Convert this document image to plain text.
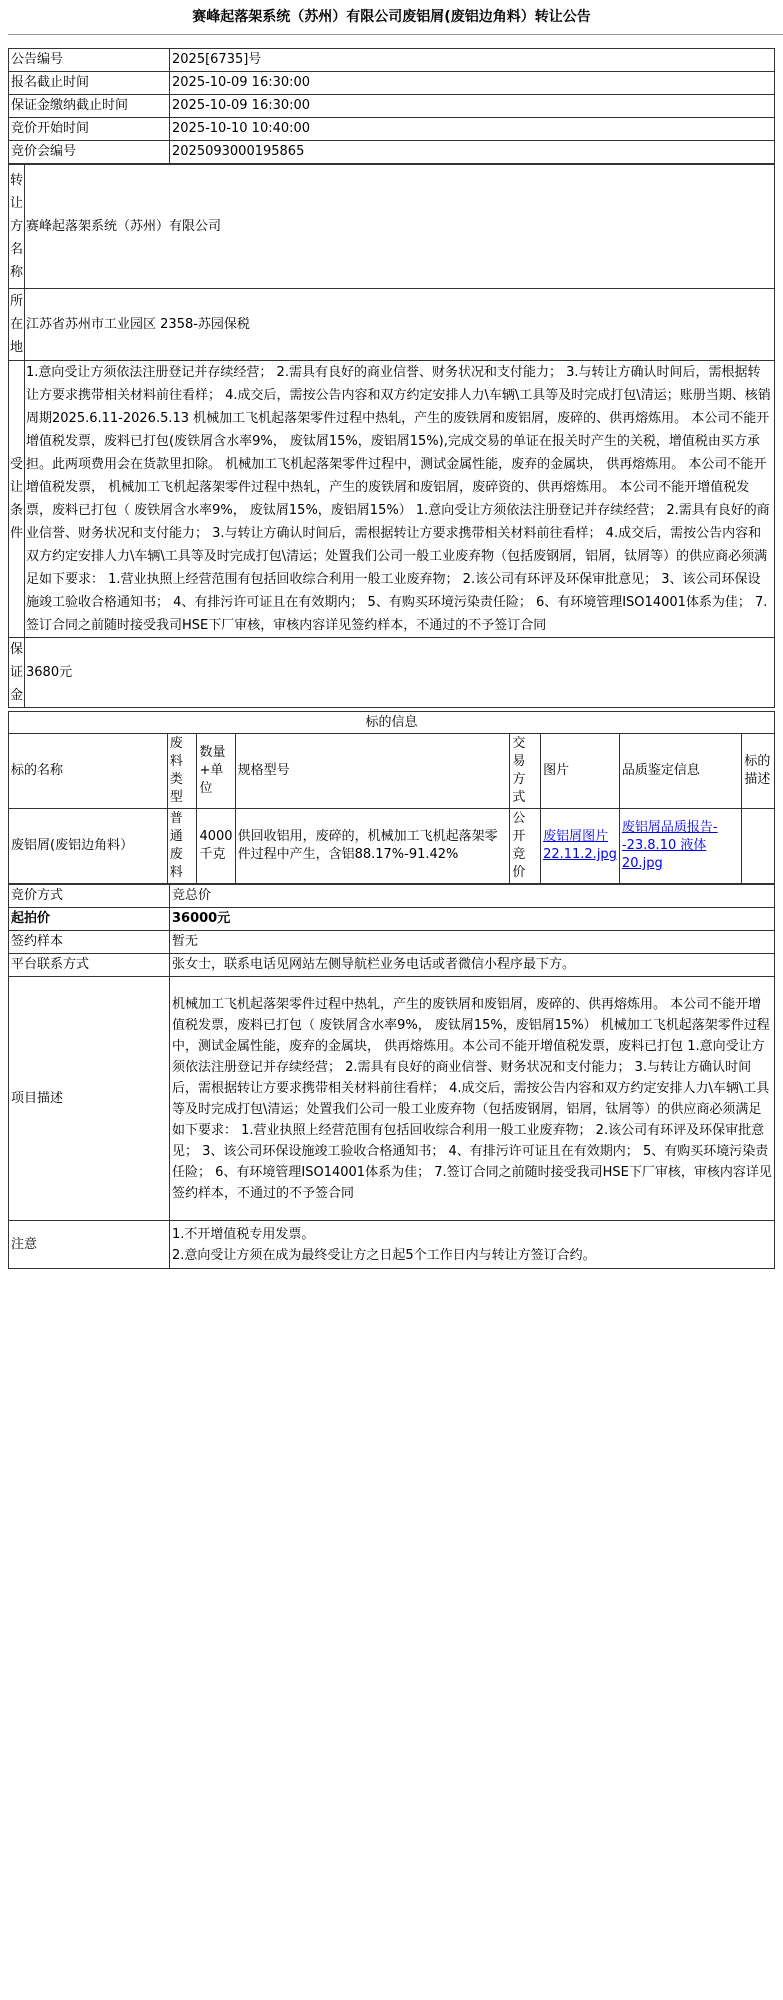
赛峰起落架系统（苏州）有限公司废铝屑(废铝边角料）转让公告
公告编号	2025[6735]号
报名截止时间	2025-10-09 16:30:00
保证金缴纳截止时间	2025-10-09 16:30:00
竞价开始时间	2025-10-10 10:40:00
竞价会编号	2025093000195865
转让方名称	赛峰起落架系统（苏州）有限公司
所在地	江苏省苏州市工业园区 2358-苏园保税
受让条件	1.意向受让方须依法注册登记并存续经营； 2.需具有良好的商业信誉、财务状况和支付能力； 3.与转让方确认时间后，需根据转让方要求携带相关材料前往看样； 4.成交后，需按公告内容和双方约定安排人力\车辆\工具等及时完成打包\清运；账册当期、核销周期2025.6.11-2026.5.13 机械加工飞机起落架零件过程中热轧，产生的废铁屑和废铝屑，废碎的、供再熔炼用。 本公司不能开增值税发票，废料已打包(废铁屑含水率9%， 废钛屑15%，废铝屑15%),完成交易的单证在报关时产生的关税，增值税由买方承担。此两项费用会在货款里扣除。 机械加工飞机起落架零件过程中，测试金属性能，废弃的金属块， 供再熔炼用。 本公司不能开增值税发票， 机械加工飞机起落架零件过程中热轧，产生的废铁屑和废铝屑，废碎资的、供再熔炼用。 本公司不能开增值税发票，废料已打包（ 废铁屑含水率9%， 废钛屑15%，废铝屑15%） 1.意向受让方须依法注册登记并存续经营； 2.需具有良好的商业信誉、财务状况和支付能力； 3.与转让方确认时间后，需根据转让方要求携带相关材料前往看样； 4.成交后，需按公告内容和双方约定安排人力\车辆\工具等及时完成打包\清运；处置我们公司一般工业废弃物（包括废钢屑，铝屑，钛屑等）的供应商必须满足如下要求： 1.营业执照上经营范围有包括回收综合利用一般工业废弃物； 2.该公司有环评及环保审批意见； 3、该公司环保设施竣工验收合格通知书； 4、有排污许可证且在有效期内； 5、有购买环境污染责任险； 6、有环境管理ISO14001体系为佳； 7.签订合同之前随时接受我司HSE下厂审核，审核内容详见签约样本，不通过的不予签订合同
保证金	3680元
标的信息							
标的名称	废料类型	数量+单位	规格型号	交易方式	图片	品质鉴定信息	标的描述
废铝屑(废铝边角料）	普通废料	4000千克	供回收铝用，废碎的，机械加工飞机起落架零件过程中产生，含铝88.17%-91.42%	公开竞价	废铝屑图片22.11.2.jpg	废铝屑品质报告--23.8.10 液体20.jpg	
竞价方式	竞总价
起拍价	36000元
签约样本	暂无
平台联系方式	张女士，联系电话见网站左侧导航栏业务电话或者微信小程序最下方。
项目描述	机械加工飞机起落架零件过程中热轧，产生的废铁屑和废铝屑，废碎的、供再熔炼用。 本公司不能开增值税发票，废料已打包（ 废铁屑含水率9%， 废钛屑15%，废铝屑15%） 机械加工飞机起落架零件过程中，测试金属性能，废弃的金属块， 供再熔炼用。本公司不能开增值税发票，废料已打包 1.意向受让方须依法注册登记并存续经营； 2.需具有良好的商业信誉、财务状况和支付能力； 3.与转让方确认时间后，需根据转让方要求携带相关材料前往看样； 4.成交后，需按公告内容和双方约定安排人力\车辆\工具等及时完成打包\清运；处置我们公司一般工业废弃物（包括废钢屑，铝屑，钛屑等）的供应商必须满足如下要求： 1.营业执照上经营范围有包括回收综合利用一般工业废弃物； 2.该公司有环评及环保审批意见； 3、该公司环保设施竣工验收合格通知书； 4、有排污许可证且在有效期内； 5、有购买环境污染责任险； 6、有环境管理ISO14001体系为佳； 7.签订合同之前随时接受我司HSE下厂审核，审核内容详见签约样本，不通过的不予签合同
注意	1.不开增值税专用发票。
2.意向受让方须在成为最终受让方之日起5个工作日内与转让方签订合约。
